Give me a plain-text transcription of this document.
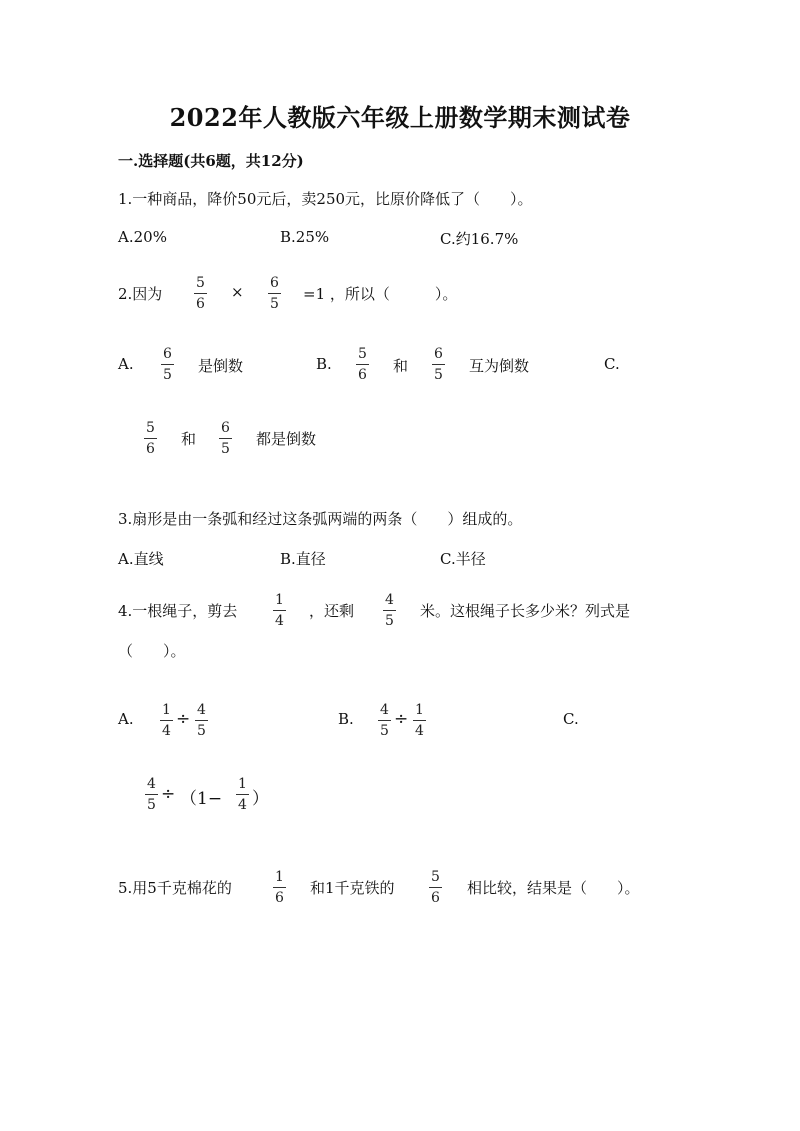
2022年人教版六年级上册数学期末测试卷
一.选择题(共6题，共12分)
1.一种商品，降价50元后，卖250元，比原价降低了（　　）。
A.20%	B.25%	C.约16.7%
2.因为
5
6
× 6
5
=1 ，所以（　　　）。
A.
6
5 是倒数	B.
5
6 和
6
5 互为倒数	C.
5
6
和
6
5
都是倒数
3.扇形是由一条弧和经过这条弧两端的两条（　　）组成的。
A.直线	B.直径	C.半径
4.一根绳子，剪去
1
4
，还剩
4
5
米。这根绳子长多少米？列式是
（　　）。
A. 1
4
÷ 4
5
B. 4
5
÷ 1
4
C.
4
5
÷ （1−
1
4 ）
5.用5千克棉花的
1
6
和1千克铁的
5
6
相比较，结果是（　　）。
